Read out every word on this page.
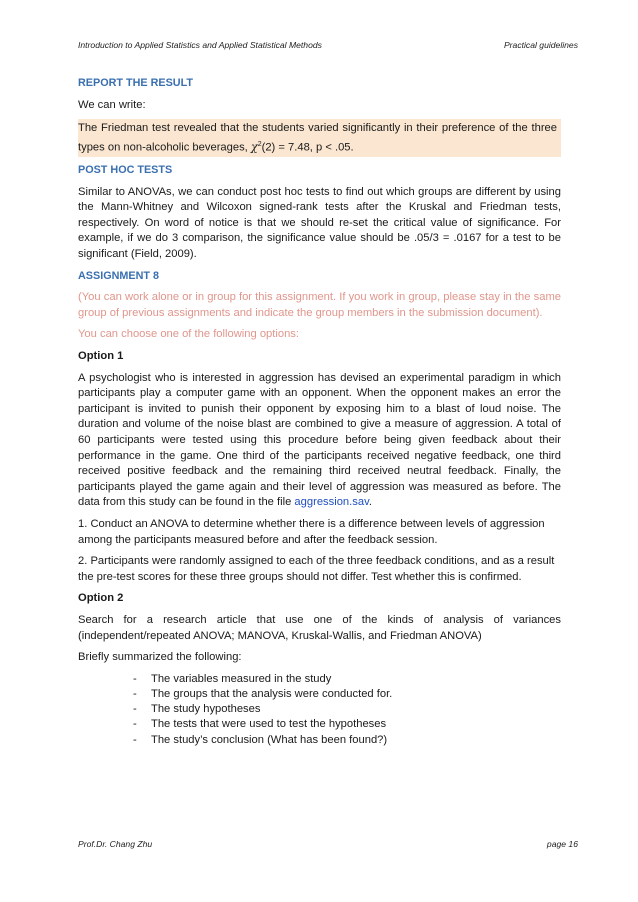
Introduction to Applied Statistics and Applied Statistical Methods	Practical guidelines
REPORT THE RESULT

We can write:

The Friedman test revealed that the students varied significantly in their preference of the three types on non-alcoholic beverages, $\chi^2(2) = 7.48$, p < .05.

POST HOC TESTS

Similar to ANOVAs, we can conduct post hoc tests to find out which groups are different by using the Mann-Whitney and Wilcoxon signed-rank tests after the Kruskal and Friedman tests, respectively. On word of notice is that we should re-set the critical value of significance. For example, if we do 3 comparison, the significance value should be .05/3 = .0167 for a test to be significant (Field, 2009).

ASSIGNMENT 8

(You can work alone or in group for this assignment. If you work in group, please stay in the same group of previous assignments and indicate the group members in the submission document).

You can choose one of the following options:

Option 1

A psychologist who is interested in aggression has devised an experimental paradigm in which participants play a computer game with an opponent. When the opponent makes an error the participant is invited to punish their opponent by exposing him to a blast of loud noise. The duration and volume of the noise blast are combined to give a measure of aggression. A total of 60 participants were tested using this procedure before being given feedback about their performance in the game. One third of the participants received negative feedback, one third received positive feedback and the remaining third received neutral feedback. Finally, the participants played the game again and their level of aggression was measured as before. The data from this study can be found in the file aggression.sav.

1. Conduct an ANOVA to determine whether there is a difference between levels of aggression among the participants measured before and after the feedback session.

2. Participants were randomly assigned to each of the three feedback conditions, and as a result the pre-test scores for these three groups should not differ. Test whether this is confirmed.

Option 2

Search for a research article that use one of the kinds of analysis of variances (independent/repeated ANOVA; MANOVA, Kruskal-Wallis, and Friedman ANOVA)

Briefly summarized the following:

- The variables measured in the study
- The groups that the analysis were conducted for.
- The study hypotheses
- The tests that were used to test the hypotheses
- The study’s conclusion (What has been found?)
Prof.Dr. Chang Zhu	page 16
